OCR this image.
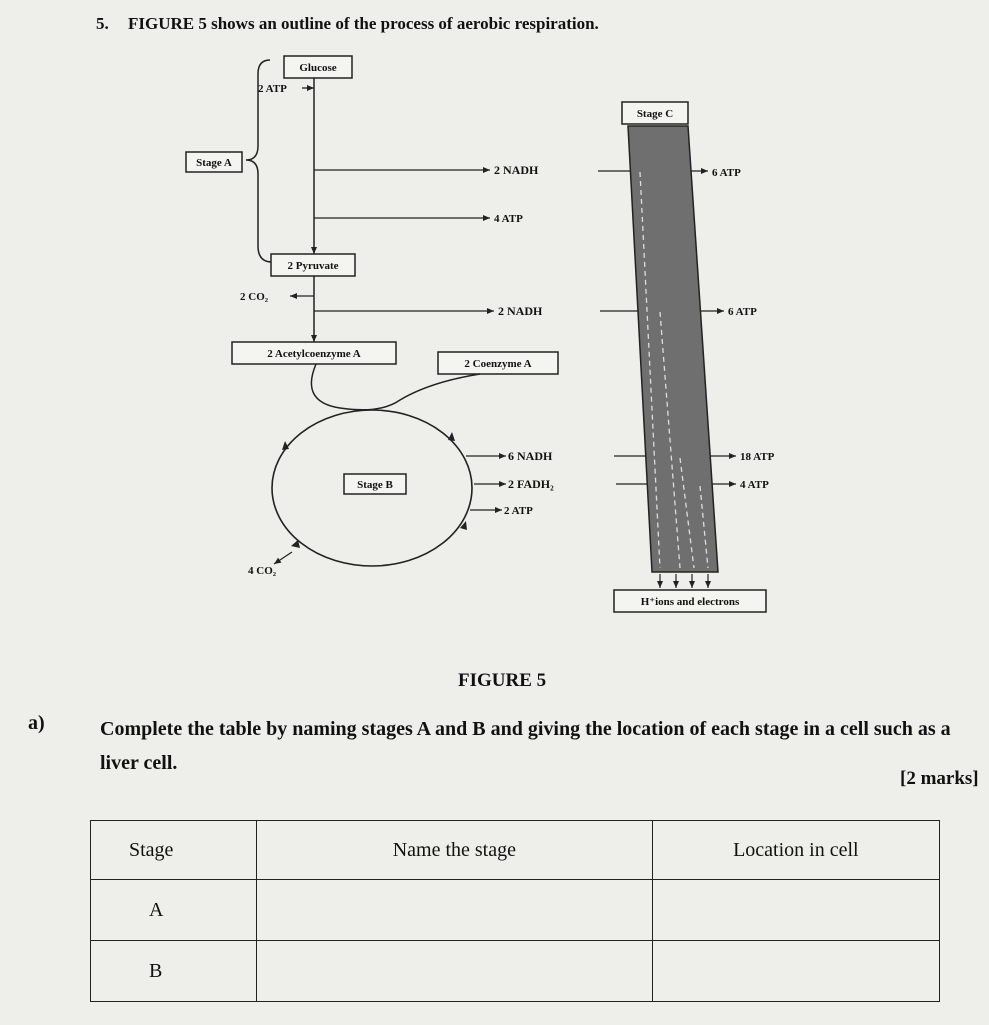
5. FIGURE 5 shows an outline of the process of aerobic respiration.
Glucose
2 ATP
Stage A	2 NADH
4 ATP
2 Pyruvate
2 CO₂
2 NADH
2 Acetylcoenzyme A
2 Coenzyme A
Stage B
6 NADH
2 FADH₂
2 ATP
4 CO₂
Stage C
6 ATP
6 ATP
18 ATP
4 ATP
H⁺ions and electrons
FIGURE 5
a)	Complete the table by naming stages A and B and giving the location of each stage in a cell such as a liver cell.
[2 marks]
Stage	Name the stage	Location in cell
A		
B		
